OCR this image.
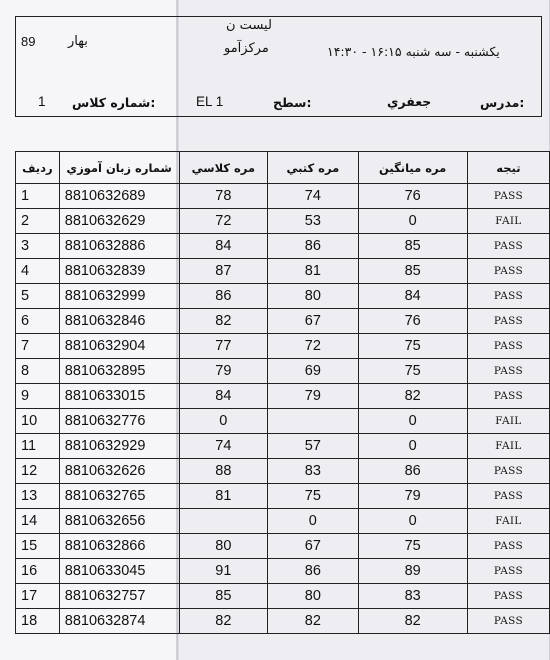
89	بهار
لیست ن
مرکزآمو	يكشنبه - سه شنبه ۱۶:۱۵ - ۱۴:۳۰
شماره كلاس:
1	سطح:
EL 1	مدرس:
جعفري
رديف	شماره زبان آموزي	مره كلاسي	مره كتبي	مره ميانگين	تيجه
1	8810632689	78	74	76	PASS
2	8810632629	72	53	0	FAIL
3	8810632886	84	86	85	PASS
4	8810632839	87	81	85	PASS
5	8810632999	86	80	84	PASS
6	8810632846	82	67	76	PASS
7	8810632904	77	72	75	PASS
8	8810632895	79	69	75	PASS
9	8810633015	84	79	82	PASS
10	8810632776	0		0	FAIL
11	8810632929	74	57	0	FAIL
12	8810632626	88	83	86	PASS
13	8810632765	81	75	79	PASS
14	8810632656		0	0	FAIL
15	8810632866	80	67	75	PASS
16	8810633045	91	86	89	PASS
17	8810632757	85	80	83	PASS
18	8810632874	82	82	82	PASS
